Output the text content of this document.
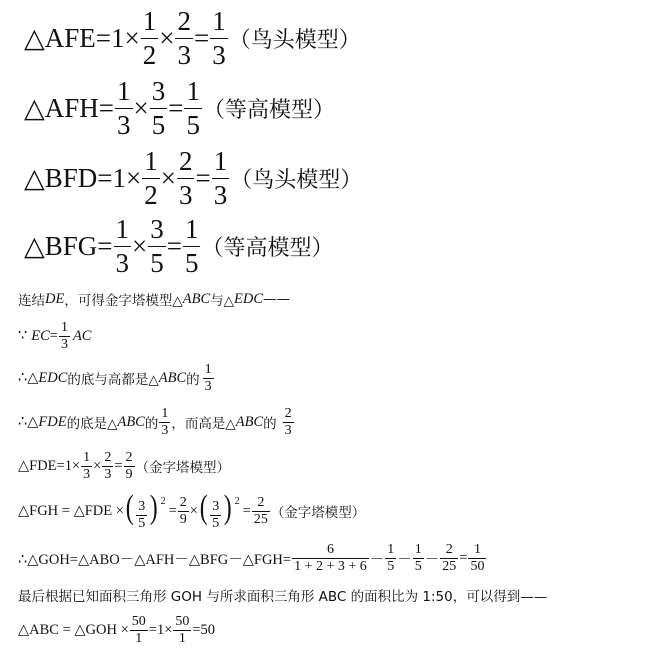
△AFE=1× $\frac{1}{2} \times \frac{2}{3} = \frac{1}{3}$ （鸟头模型）
△AFH= $\frac{1}{3} \times \frac{3}{5} = \frac{1}{5}$ （等高模型）
△BFD=1× $\frac{1}{2} \times \frac{2}{3} = \frac{1}{3}$ （鸟头模型）
△BFG= $\frac{1}{3} \times \frac{3}{5} = \frac{1}{5}$ （等高模型）
连结 DE ，可得金字塔模型△ ABC 与△ EDC ——
∵ EC = $\frac{1}{3}$ AC
∴△ EDC 的底与高都是△ ABC 的 $\frac{1}{3}$
∴△ FDE 的底是△ ABC 的 $\frac{1}{3}$ ，而高是△ ABC 的 $\frac{2}{3}$
△FDE=1× $\frac{1}{3} \times \frac{2}{3} = \frac{2}{9}$ （金字塔模型）
△FGH = △FDE × ( $\frac{3}{5}$ ) 2
= $\frac{2}{9}$ × ( $\frac{3}{5}$ ) 2
= $\frac{2}{25}$ （金字塔模型）
∴△GOH=△ABO－△AFH－△BFG－△FGH= $\frac{6}{1 + 2 + 3 + 6} - \frac{1}{5} - \frac{1}{5} - \frac{2}{25} = \frac{1}{50}$
最后根据已知面积三角形 GOH 与所求面积三角形 ABC 的面积比为 1:50，可以得到——
△ABC = △GOH × $\frac{50}{1} =1\times \frac{50}{1} =50$
